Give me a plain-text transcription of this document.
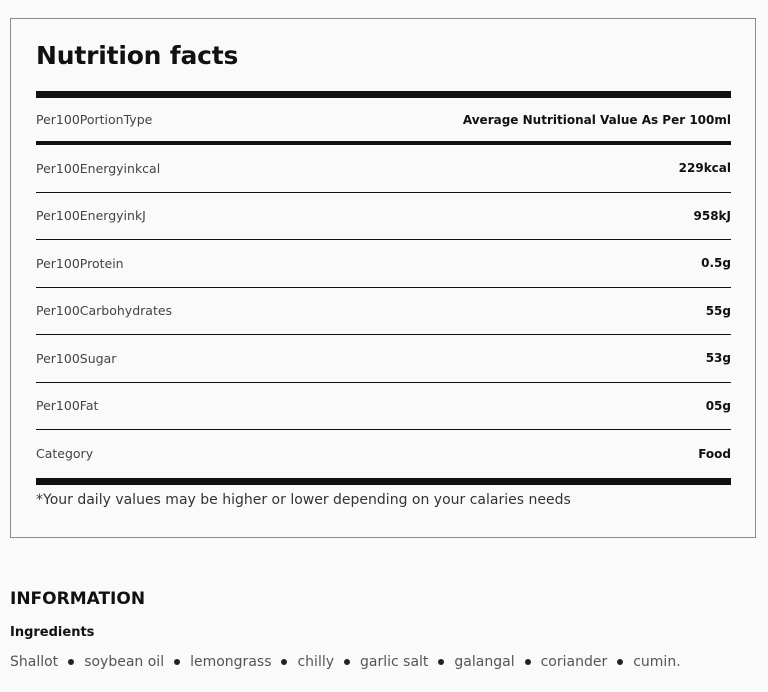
Nutrition facts
Per100PortionType	Average Nutritional Value As Per 100ml
Per100Energyinkcal	229kcal
Per100EnergyinkJ	958kJ
Per100Protein	0.5g
Per100Carbohydrates	55g
Per100Sugar	53g
Per100Fat	05g
Category	Food
*Your daily values may be higher or lower depending on your calaries needs
INFORMATION
Ingredients
Shallot soybean oil lemongrass chilly garlic salt galangal coriander cumin.
